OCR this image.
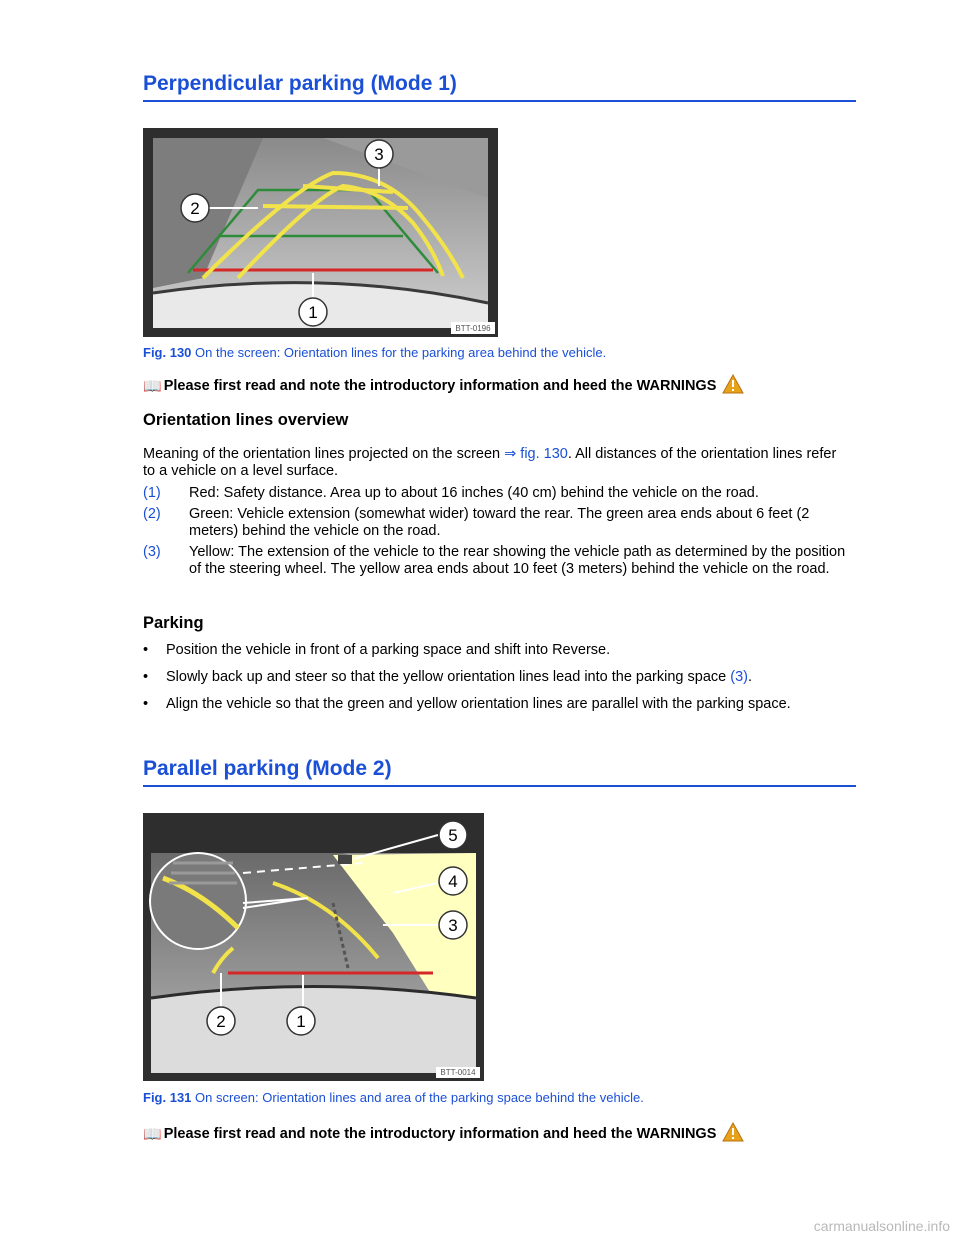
Perpendicular parking (Mode 1)
1
2
3
BTT-0196
Fig. 130 On the screen: Orientation lines for the parking area behind the vehicle.
📖 Please first read and note the introductory information and heed the WARNINGS
Orientation lines overview
Meaning of the orientation lines projected on the screen ⇒ fig. 130. All distances of the orientation lines refer to a vehicle on a level surface.
(1)	Red: Safety distance. Area up to about 16 inches (40 cm) behind the vehicle on the road.
(2)	Green: Vehicle extension (somewhat wider) toward the rear. The green area ends about 6 feet (2 meters) behind the vehicle on the road.
(3)	Yellow: The extension of the vehicle to the rear showing the vehicle path as determined by the position of the steering wheel. The yellow area ends about 10 feet (3 meters) behind the vehicle on the road.
Parking
•	Position the vehicle in front of a parking space and shift into Reverse.
•	Slowly back up and steer so that the yellow orientation lines lead into the parking space (3).
•	Align the vehicle so that the green and yellow orientation lines are parallel with the parking space.
Parallel parking (Mode 2)
1
2
3
4
5
BTT-0014
Fig. 131 On screen: Orientation lines and area of the parking space behind the vehicle.
📖 Please first read and note the introductory information and heed the WARNINGS
carmanualsonline.info
